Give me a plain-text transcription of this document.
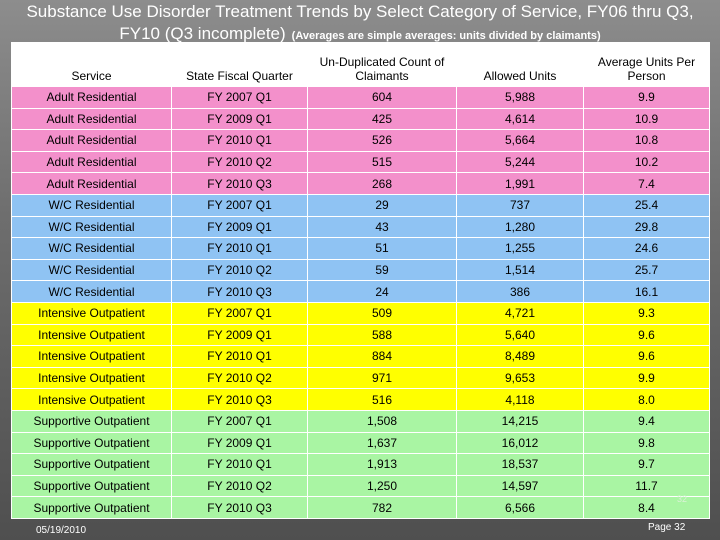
Substance Use Disorder Treatment Trends by Select Category of Service, FY06 thru Q3,
FY10 (Q3 incomplete) (Averages are simple averages: units divided by claimants)
Service	State Fiscal Quarter	Un-Duplicated Count of Claimants	Allowed Units	Average Units Per Person
Adult Residential	FY 2007 Q1	604	5,988	9.9
Adult Residential	FY 2009 Q1	425	4,614	10.9
Adult Residential	FY 2010 Q1	526	5,664	10.8
Adult Residential	FY 2010 Q2	515	5,244	10.2
Adult Residential	FY 2010 Q3	268	1,991	7.4
W/C Residential	FY 2007 Q1	29	737	25.4
W/C Residential	FY 2009 Q1	43	1,280	29.8
W/C Residential	FY 2010 Q1	51	1,255	24.6
W/C Residential	FY 2010 Q2	59	1,514	25.7
W/C Residential	FY 2010 Q3	24	386	16.1
Intensive Outpatient	FY 2007 Q1	509	4,721	9.3
Intensive Outpatient	FY 2009 Q1	588	5,640	9.6
Intensive Outpatient	FY 2010 Q1	884	8,489	9.6
Intensive Outpatient	FY 2010 Q2	971	9,653	9.9
Intensive Outpatient	FY 2010 Q3	516	4,118	8.0
Supportive Outpatient	FY 2007 Q1	1,508	14,215	9.4
Supportive Outpatient	FY 2009 Q1	1,637	16,012	9.8
Supportive Outpatient	FY 2010 Q1	1,913	18,537	9.7
Supportive Outpatient	FY 2010 Q2	1,250	14,597	11.7
Supportive Outpatient	FY 2010 Q3	782	6,566	8.4
32
05/19/2010	Page 32
